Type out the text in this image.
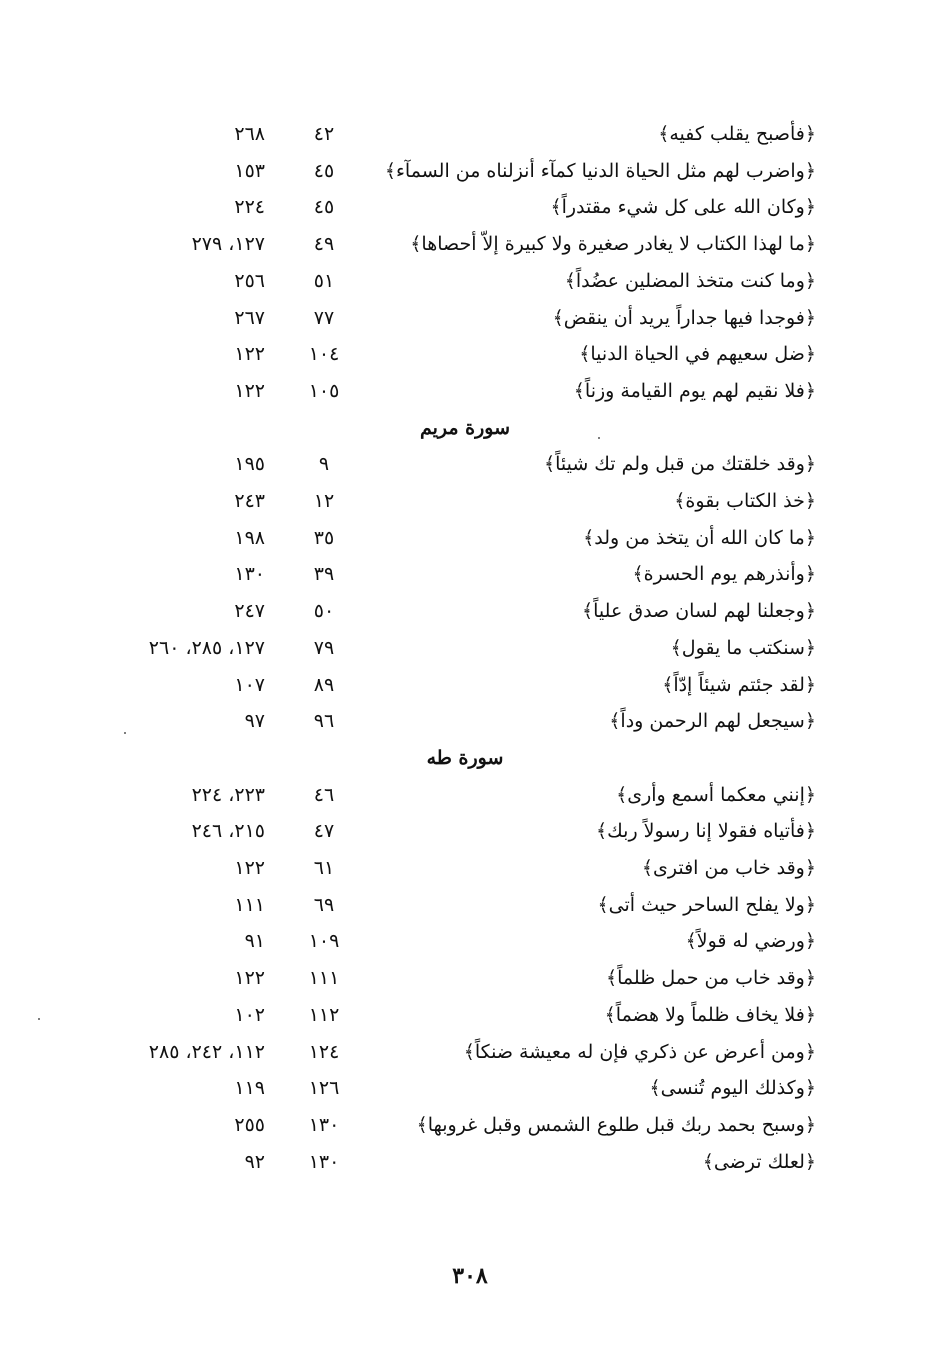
﴿فأصبح يقلب كفيه﴾
٤٢
٢٦٨
﴿واضرب لهم مثل الحياة الدنيا كمآء أنزلناه من السمآء﴾
٤٥
١٥٣
﴿وكان الله على كل شيء مقتدراً﴾
٤٥
٢٢٤
﴿ما لهذا الكتاب لا يغادر صغيرة ولا كبيرة إلاّ أحصاها﴾
٤٩
١٢٧، ٢٧٩
﴿وما كنت متخذ المضلين عضُداً﴾
٥١
٢٥٦
﴿فوجدا فيها جداراً يريد أن ينقض﴾
٧٧
٢٦٧
﴿ضل سعيهم في الحياة الدنيا﴾
١٠٤
١٢٢
﴿فلا نقيم لهم يوم القيامة وزناً﴾
١٠٥
١٢٢
سورة مريم
﴿وقد خلقتك من قبل ولم تك شيئاً﴾
٩
١٩٥
﴿خذ الكتاب بقوة﴾
١٢
٢٤٣
﴿ما كان الله أن يتخذ من ولد﴾
٣٥
١٩٨
﴿وأنذرهم يوم الحسرة﴾
٣٩
١٣٠
﴿وجعلنا لهم لسان صدق علياً﴾
٥٠
٢٤٧
﴿سنكتب ما يقول﴾
٧٩
١٢٧، ٢٨٥، ٢٦٠
﴿لقد جئتم شيئاً إدّاً﴾
٨٩
١٠٧
﴿سيجعل لهم الرحمن وداً﴾
٩٦
٩٧
سورة طه
﴿إنني معكما أسمع وأرى﴾
٤٦
٢٢٣، ٢٢٤
﴿فأتياه فقولا إنا رسولاً ربك﴾
٤٧
٢١٥، ٢٤٦
﴿وقد خاب من افترى﴾
٦١
١٢٢
﴿ولا يفلح الساحر حيث أتى﴾
٦٩
١١١
﴿ورضي له قولاً﴾
١٠٩
٩١
﴿وقد خاب من حمل ظلماً﴾
١١١
١٢٢
﴿فلا يخاف ظلماً ولا هضماً﴾
١١٢
١٠٢
﴿ومن أعرض عن ذكري فإن له معيشة ضنكاً﴾
١٢٤
١١٢، ٢٤٢، ٢٨٥
﴿وكذلك اليوم تُنسى﴾
١٢٦
١١٩
﴿وسبح بحمد ربك قبل طلوع الشمس وقبل غروبها﴾
١٣٠
٢٥٥
﴿لعلك ترضى﴾
١٣٠
٩٢
٣٠٨
